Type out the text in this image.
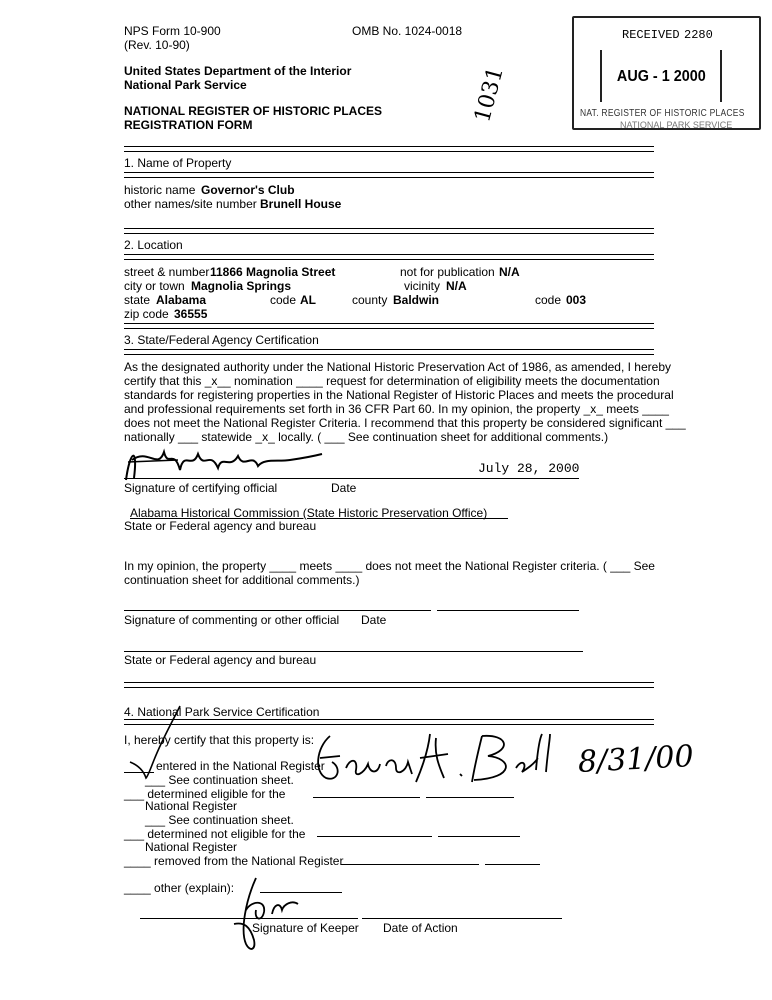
NPS Form 10-900
(Rev. 10-90)
OMB No. 1024-0018
United States Department of the Interior
National Park Service
NATIONAL REGISTER OF HISTORIC PLACES
REGISTRATION FORM
1031
RECEIVED 2280
AUG - 1 2000
NAT. REGISTER OF HISTORIC PLACES
NATIONAL PARK SERVICE
1. Name of Property
historic name Governor's Club
other names/site number Brunell House
2. Location
street & number 11866 Magnolia Street	not for publication N/A
city or town Magnolia Springs	vicinity N/A
state Alabama	code AL	county Baldwin	code 003
zip code 36555
3. State/Federal Agency Certification
As the designated authority under the National Historic Preservation Act of 1986, as amended, I hereby
certify that this _x__ nomination ____ request for determination of eligibility meets the documentation
standards for registering properties in the National Register of Historic Places and meets the procedural
and professional requirements set forth in 36 CFR Part 60. In my opinion, the property _x_ meets ____
does not meet the National Register Criteria. I recommend that this property be considered significant ___
nationally ___ statewide _x_ locally. ( ___ See continuation sheet for additional comments.)
July 28, 2000
Signature of certifying official	Date
Alabama Historical Commission (State Historic Preservation Office)
State or Federal agency and bureau
In my opinion, the property ____ meets ____ does not meet the National Register criteria. ( ___ See
continuation sheet for additional comments.)
Signature of commenting or other official Date
State or Federal agency and bureau
4. National Park Service Certification
I, hereby certify that this property is:
entered in the National Register
___ See continuation sheet.
___ determined eligible for the
National Register
___ See continuation sheet.
___ determined not eligible for the
National Register
____ removed from the National Register
____ other (explain):
Signature of Keeper Date of Action
8/31/00
